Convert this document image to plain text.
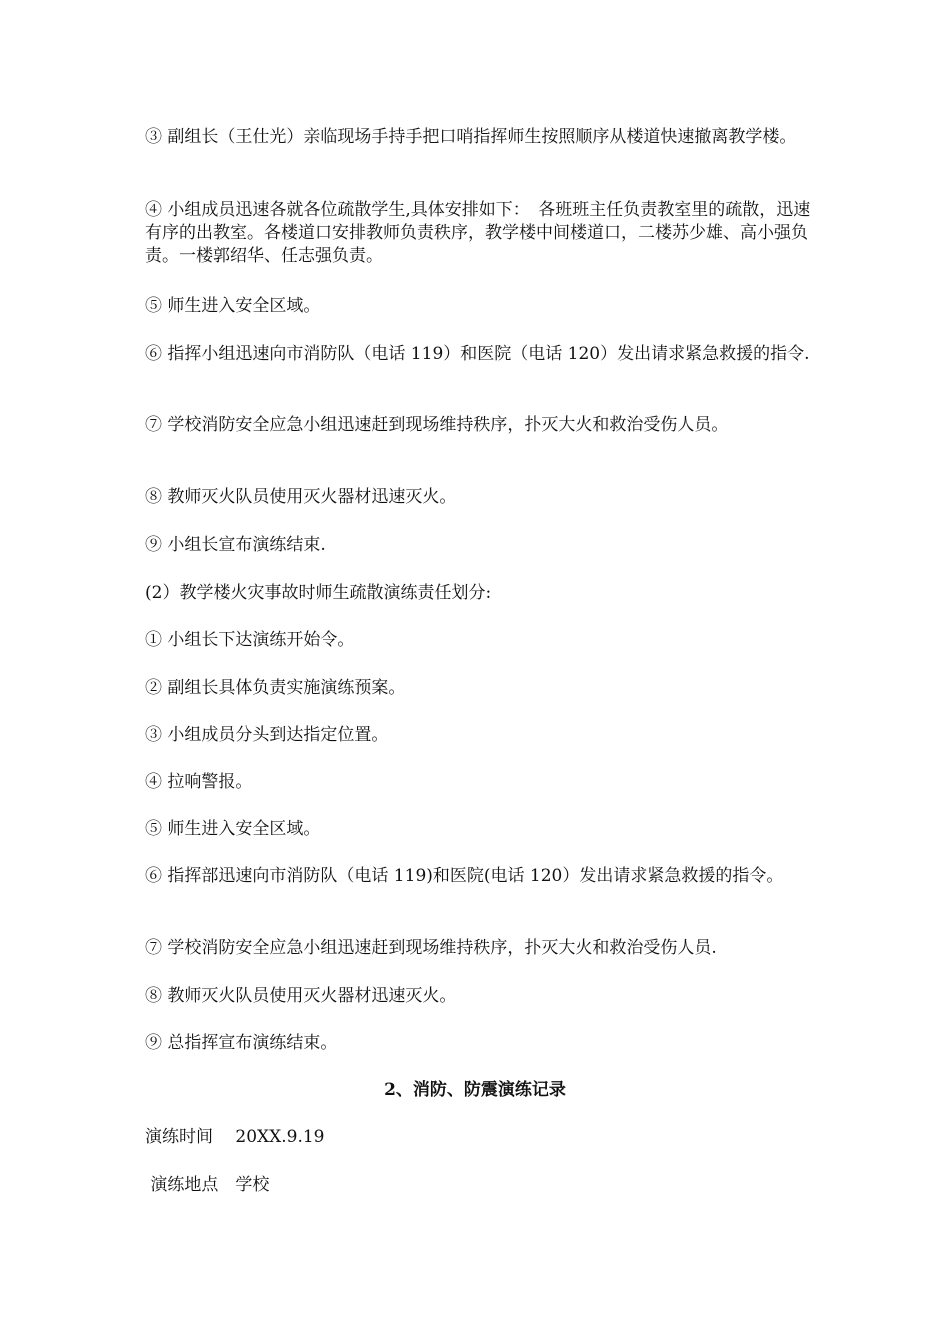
③ 副组长（王仕光）亲临现场手持手把口哨指挥师生按照顺序从楼道快速撤离教学楼。

④ 小组成员迅速各就各位疏散学生,具体安排如下：　各班班主任负责教室里的疏散，迅速有序的出教室。各楼道口安排教师负责秩序，教学楼中间楼道口，二楼苏少雄、高小强负责。一楼郭绍华、任志强负责。

⑤ 师生进入安全区域。

⑥ 指挥小组迅速向市消防队（电话 119）和医院（电话 120）发出请求紧急救援的指令.

⑦ 学校消防安全应急小组迅速赶到现场维持秩序，扑灭大火和救治受伤人员。

⑧ 教师灭火队员使用灭火器材迅速灭火。

⑨ 小组长宣布演练结束.

(2）教学楼火灾事故时师生疏散演练责任划分:

① 小组长下达演练开始令。

② 副组长具体负责实施演练预案。

③ 小组成员分头到达指定位置。

④ 拉响警报。

⑤ 师生进入安全区域。

⑥ 指挥部迅速向市消防队（电话 119)和医院(电话 120）发出请求紧急救援的指令。

⑦ 学校消防安全应急小组迅速赶到现场维持秩序，扑灭大火和救治受伤人员.

⑧ 教师灭火队员使用灭火器材迅速灭火。

⑨ 总指挥宣布演练结束。

2、消防、防震演练记录

演练时间　 20XX.9.19

演练地点　学校
